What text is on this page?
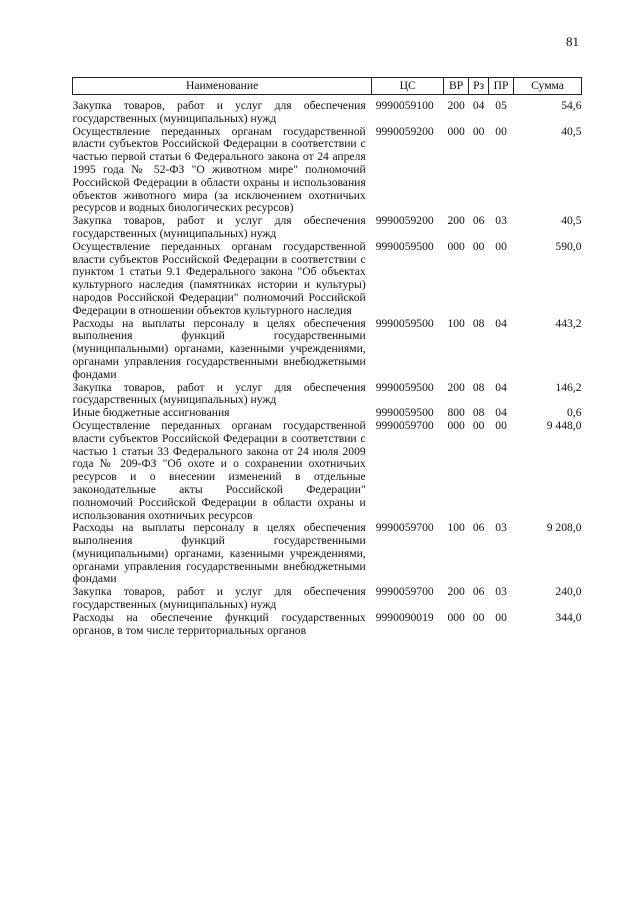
81
Наименование	ЦС	ВР	Рз	ПР	Сумма
Закупка товаров, работ и услуг для обеспечения государственных (муниципальных) нужд	9990059100	200	04	05	54,6
Осуществление переданных органам государственной власти субъектов Российской Федерации в соответствии с частью первой статьи 6 Федерального закона от 24 апреля 1995 года № 52-ФЗ "О животном мире" полномочий Российской Федерации в области охраны и использования объектов животного мира (за исключением охотничьих ресурсов и водных биологических ресурсов)	9990059200	000	00	00	40,5
Закупка товаров, работ и услуг для обеспечения государственных (муниципальных) нужд	9990059200	200	06	03	40,5
Осуществление переданных органам государственной власти субъектов Российской Федерации в соответствии с пунктом 1 статьи 9.1 Федерального закона "Об объектах культурного наследия (памятниках истории и культуры) народов Российской Федерации" полномочий Российской Федерации в отношении объектов культурного наследия	9990059500	000	00	00	590,0
Расходы на выплаты персоналу в целях обеспечения выполнения функций государственными (муниципальными) органами, казенными учреждениями, органами управления государственными внебюджетными фондами	9990059500	100	08	04	443,2
Закупка товаров, работ и услуг для обеспечения государственных (муниципальных) нужд	9990059500	200	08	04	146,2
Иные бюджетные ассигнования	9990059500	800	08	04	0,6
Осуществление переданных органам государственной власти субъектов Российской Федерации в соответствии с частью 1 статьи 33 Федерального закона от 24 июля 2009 года № 209-ФЗ "Об охоте и о сохранении охотничьих ресурсов и о внесении изменений в отдельные законодательные акты Российской Федерации" полномочий Российской Федерации в области охраны и использования охотничьих ресурсов	9990059700	000	00	00	9 448,0
Расходы на выплаты персоналу в целях обеспечения выполнения функций государственными (муниципальными) органами, казенными учреждениями, органами управления государственными внебюджетными фондами	9990059700	100	06	03	9 208,0
Закупка товаров, работ и услуг для обеспечения государственных (муниципальных) нужд	9990059700	200	06	03	240,0
Расходы на обеспечение функций государственных органов, в том числе территориальных органов	9990090019	000	00	00	344,0
